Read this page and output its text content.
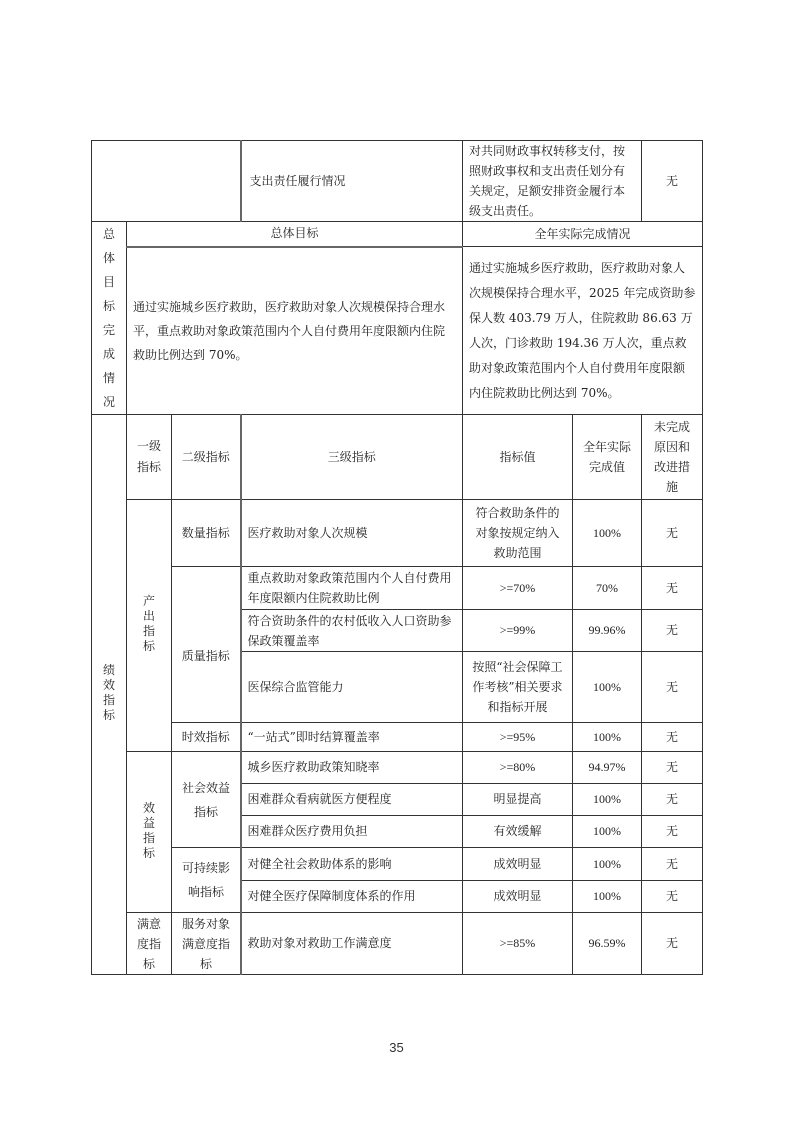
			支出责任履行情况	对共同财政事权转移支付，按照财政事权和支出责任划分有关规定，足额安排资金履行本级支出责任。		无
总体目标完成情况	总体目标			全年实际完成情况		
	通过实施城乡医疗救助，医疗救助对象人次规模保持合理水平，重点救助对象政策范围内个人自付费用年度限额内住院救助比例达到 70%。			通过实施城乡医疗救助，医疗救助对象人次规模保持合理水平，2025 年完成资助参保人数 403.79 万人，住院救助 86.63 万人次，门诊救助 194.36 万人次，重点救助对象政策范围内个人自付费用年度限额内住院救助比例达到 70%。		
绩效指标	一级指标	二级指标	三级指标	指标值	全年实际完成值	未完成原因和改进措施

	产出指标	数量指标	医疗救助对象人次规模	符合救助条件的对象按规定纳入救助范围	100%	无
		质量指标	重点救助对象政策范围内个人自付费用年度限额内住院救助比例	>=70%	70%	无
			符合资助条件的农村低收入人口资助参保政策覆盖率	>=99%	99.96%	无
			医保综合监管能力	按照“社会保障工作考核”相关要求和指标开展	100%	无
		时效指标	“一站式”即时结算覆盖率	>=95%	100%	无
	效益指标	社会效益指标	城乡医疗救助政策知晓率	>=80%	94.97%	无
			困难群众看病就医方便程度	明显提高	100%	无
			困难群众医疗费用负担	有效缓解	100%	无

		可持续影响指标	对健全社会救助体系的影响	成效明显	100%	无
			对健全医疗保障制度体系的作用	成效明显	100%	无

	满意度指标	服务对象满意度指标	救助对象对救助工作满意度	>=85%	96.59%	无
35
